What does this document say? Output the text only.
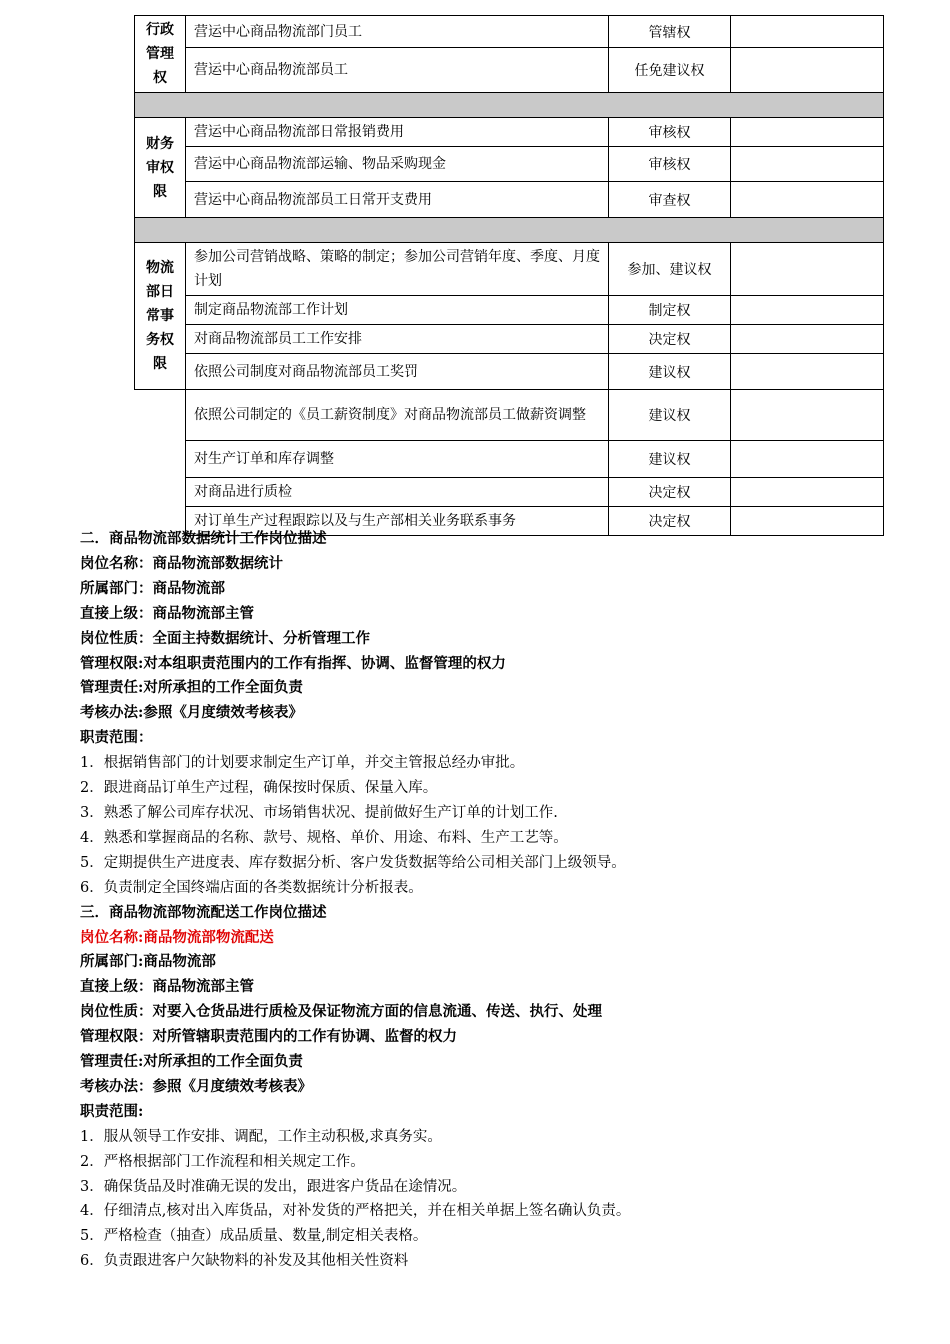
行政
管理
权	营运中心商品物流部门员工	管辖权	
	营运中心商品物流部员工	任免建议权	

财务
审权
限	营运中心商品物流部日常报销费用	审核权	
	营运中心商品物流部运输、物品采购现金	审核权	
	营运中心商品物流部员工日常开支费用	审查权	

物流
部日
常事
务权
限	参加公司营销战略、策略的制定；参加公司营销年度、季度、月度计划	参加、建议权	
	制定商品物流部工作计划	制定权	
	对商品物流部员工工作安排	决定权	
	依照公司制度对商品物流部员工奖罚	建议权	
	依照公司制定的《员工薪资制度》对商品物流部员工做薪资调整	建议权	
	对生产订单和库存调整	建议权	
	对商品进行质检	决定权	
	对订单生产过程跟踪以及与生产部相关业务联系事务	决定权	

二．商品物流部数据统计工作岗位描述

岗位名称：商品物流部数据统计

所属部门：商品物流部

直接上级：商品物流部主管

岗位性质：全面主持数据统计、分析管理工作

管理权限:对本组职责范围内的工作有指挥、协调、监督管理的权力

管理责任:对所承担的工作全面负责

考核办法:参照《月度绩效考核表》

职责范围：

1．根据销售部门的计划要求制定生产订单，并交主管报总经办审批。

2．跟进商品订单生产过程，确保按时保质、保量入库。

3．熟悉了解公司库存状况、市场销售状况、提前做好生产订单的计划工作.

4．熟悉和掌握商品的名称、款号、规格、单价、用途、布料、生产工艺等。

5．定期提供生产进度表、库存数据分析、客户发货数据等给公司相关部门上级领导。

6．负责制定全国终端店面的各类数据统计分析报表。

三．商品物流部物流配送工作岗位描述

岗位名称:商品物流部物流配送

所属部门:商品物流部

直接上级：商品物流部主管

岗位性质：对要入仓货品进行质检及保证物流方面的信息流通、传送、执行、处理

管理权限：对所管辖职责范围内的工作有协调、监督的权力

管理责任:对所承担的工作全面负责

考核办法：参照《月度绩效考核表》

职责范围:

1．服从领导工作安排、调配，工作主动积极,求真务实。

2．严格根据部门工作流程和相关规定工作。

3．确保货品及时准确无误的发出，跟进客户货品在途情况。

4．仔细清点,核对出入库货品，对补发货的严格把关，并在相关单据上签名确认负责。

5．严格检查（抽查）成品质量、数量,制定相关表格。

6．负责跟进客户欠缺物料的补发及其他相关性资料
